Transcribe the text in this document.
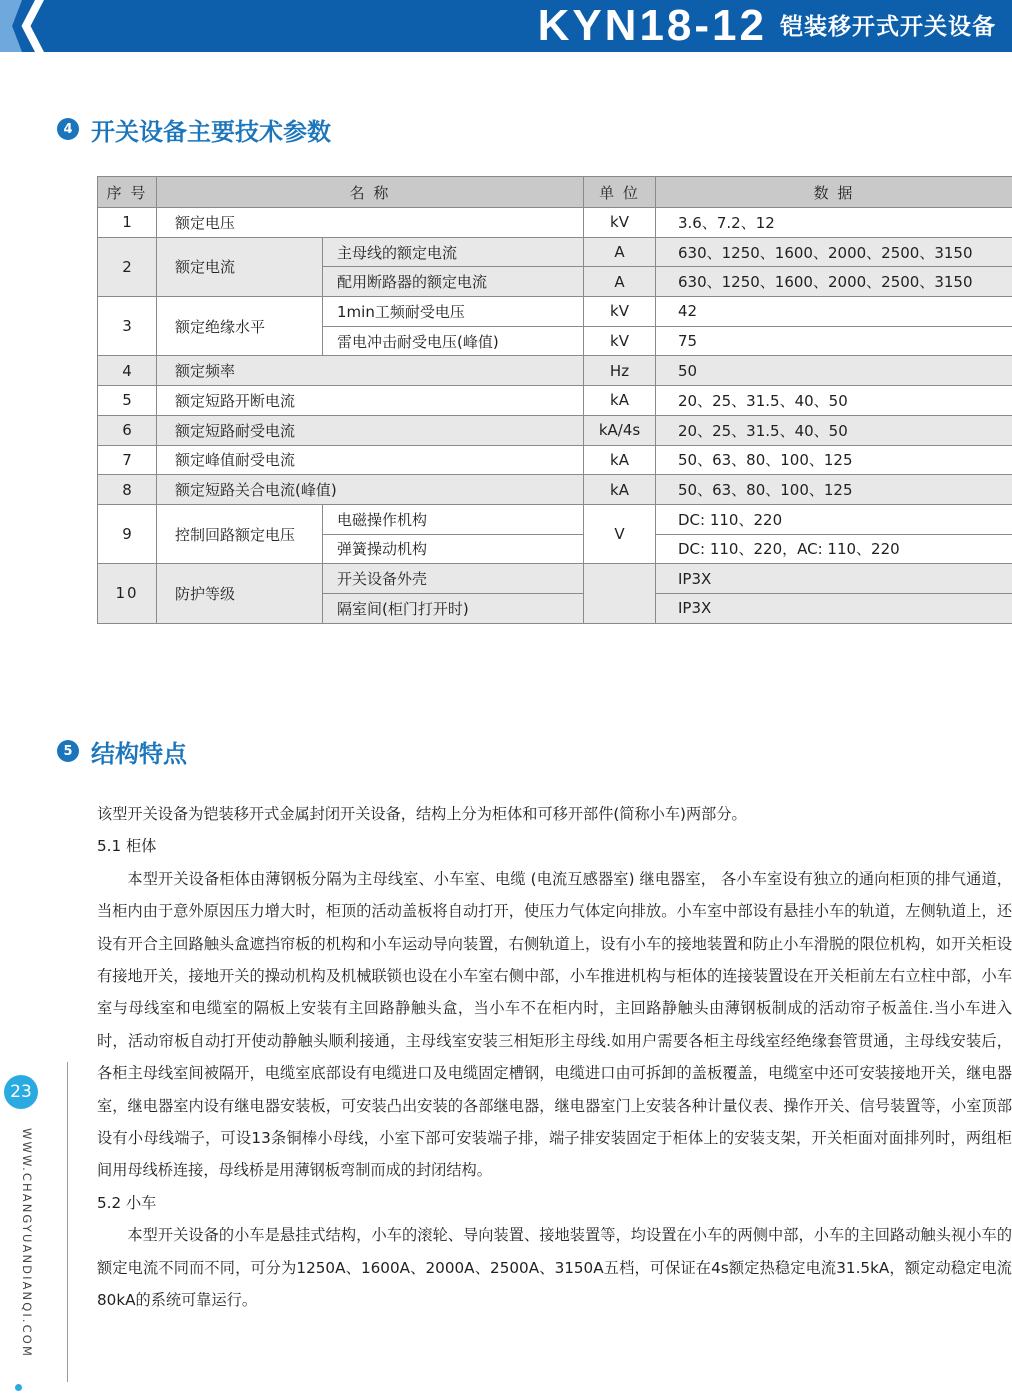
KYN18-12 铠装移开式开关设备
4 开关设备主要技术参数
序 号	名 称		单 位	数 据
1	额定电压		kV	3.6、7.2、12
2	额定电流	主母线的额定电流	A	630、1250、1600、2000、2500、3150
		配用断路器的额定电流	A	630、1250、1600、2000、2500、3150
3	额定绝缘水平	1min工频耐受电压	kV	42
		雷电冲击耐受电压(峰值)	kV	75
4	额定频率		Hz	50
5	额定短路开断电流		kA	20、25、31.5、40、50
6	额定短路耐受电流		kA/4s	20、25、31.5、40、50
7	额定峰值耐受电流		kA	50、63、80、100、125
8	额定短路关合电流(峰值)		kA	50、63、80、100、125
9	控制回路额定电压	电磁操作机构	V	DC: 110、220
		弹簧操动机构		DC: 110、220，AC: 110、220
10	防护等级	开关设备外壳		IP3X
		隔室间(柜门打开时)		IP3X
5 结构特点

该型开关设备为铠装移开式金属封闭开关设备，结构上分为柜体和可移开部件(简称小车)两部分。

5.1 柜体

本型开关设备柜体由薄钢板分隔为主母线室、小车室、电缆 (电流互感器室) 继电器室， 各小车室设有独立的通向柜顶的排气通道，当柜内由于意外原因压力增大时，柜顶的活动盖板将自动打开，使压力气体定向排放。小车室中部设有悬挂小车的轨道，左侧轨道上，还设有开合主回路触头盒遮挡帘板的机构和小车运动导向装置，右侧轨道上，设有小车的接地装置和防止小车滑脱的限位机构，如开关柜设有接地开关，接地开关的操动机构及机械联锁也设在小车室右侧中部，小车推进机构与柜体的连接装置设在开关柜前左右立柱中部，小车室与母线室和电缆室的隔板上安装有主回路静触头盒，当小车不在柜内时，主回路静触头由薄钢板制成的活动帘子板盖住.当小车进入时，活动帘板自动打开使动静触头顺利接通，主母线室安装三相矩形主母线.如用户需要各柜主母线室经绝缘套管贯通，主母线安装后，各柜主母线室间被隔开，电缆室底部设有电缆进口及电缆固定槽钢，电缆进口由可拆卸的盖板覆盖，电缆室中还可安装接地开关，继电器室，继电器室内设有继电器安装板，可安装凸出安装的各部继电器，继电器室门上安装各种计量仪表、操作开关、信号装置等，小室顶部设有小母线端子，可设13条铜棒小母线，小室下部可安装端子排，端子排安装固定于柜体上的安装支架，开关柜面对面排列时，两组柜间用母线桥连接，母线桥是用薄钢板弯制而成的封闭结构。

5.2 小车

本型开关设备的小车是悬挂式结构，小车的滚轮、导向装置、接地装置等，均设置在小车的两侧中部，小车的主回路动触头视小车的额定电流不同而不同，可分为1250A、1600A、2000A、2500A、3150A五档，可保证在4s额定热稳定电流31.5kA，额定动稳定电流80kA的系统可靠运行。

23
WWW.CHANGYUANDIANQI.COM
